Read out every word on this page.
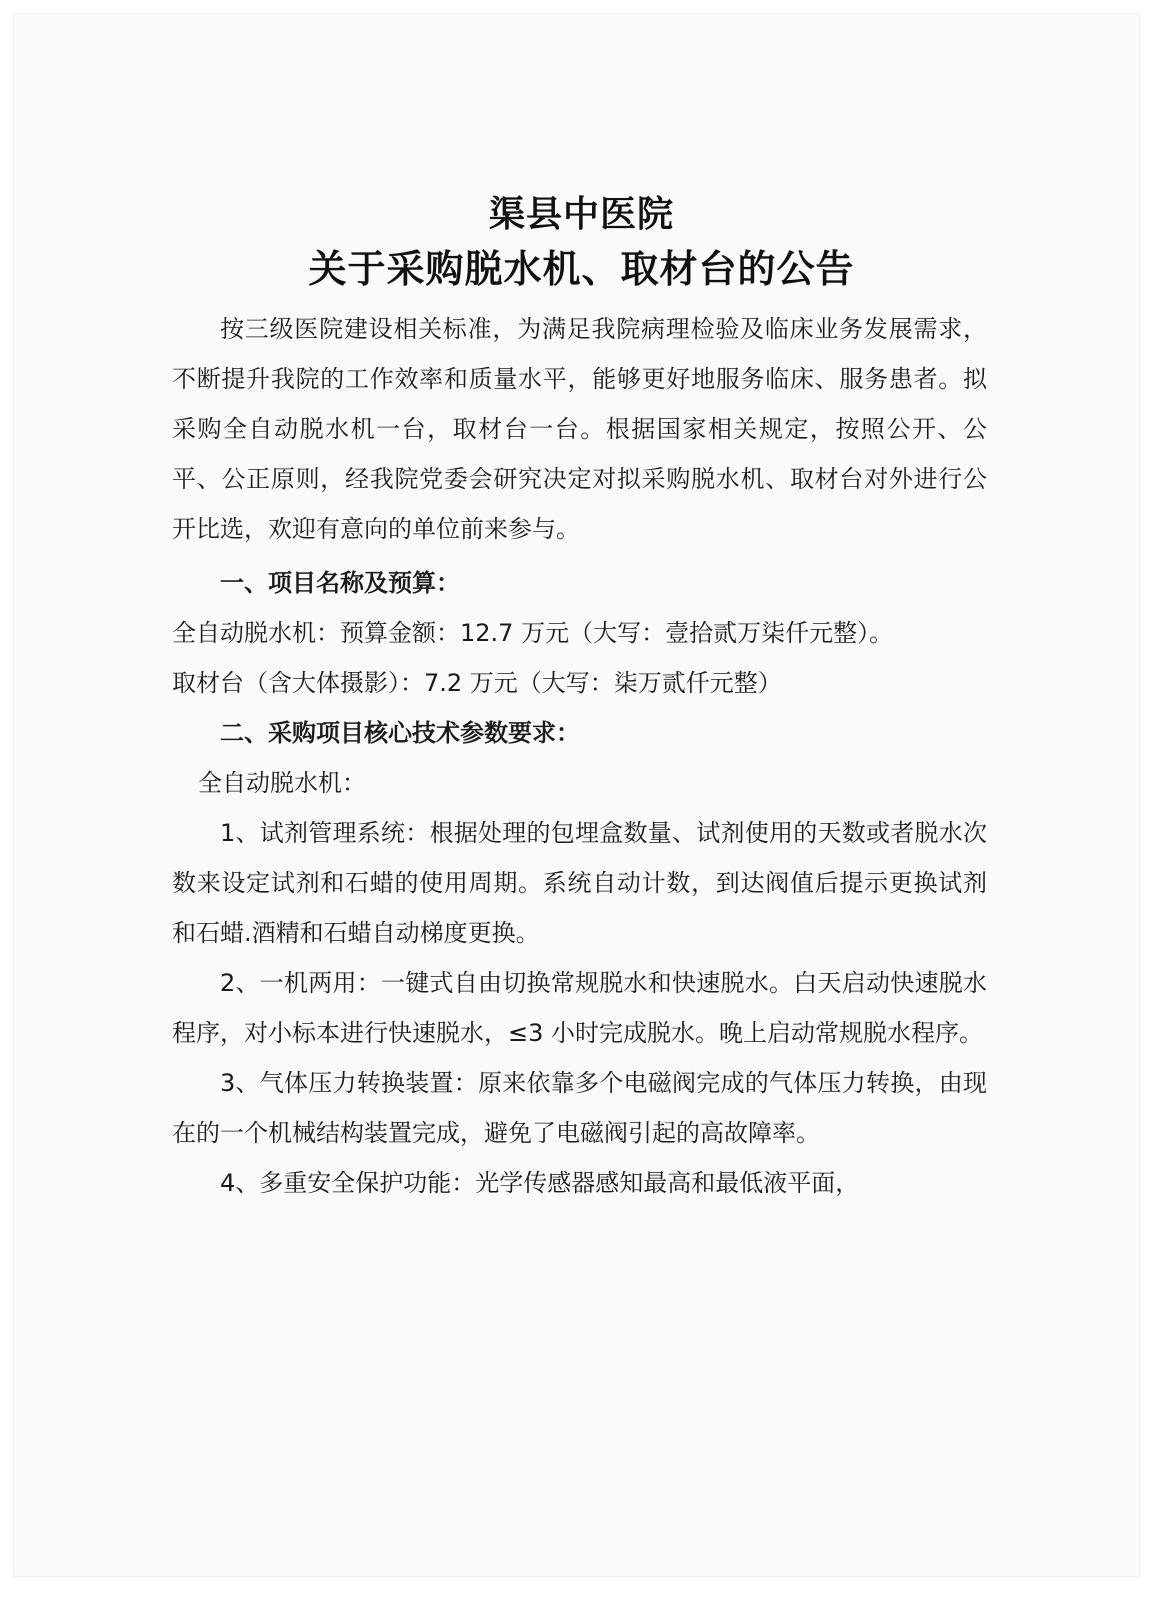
渠县中医院
关于采购脱水机、取材台的公告

按三级医院建设相关标准，为满足我院病理检验及临床业务发展需求，不断提升我院的工作效率和质量水平，能够更好地服务临床、服务患者。拟采购全自动脱水机一台，取材台一台。根据国家相关规定，按照公开、公平、公正原则，经我院党委会研究决定对拟采购脱水机、取材台对外进行公开比选，欢迎有意向的单位前来参与。

一、项目名称及预算：

全自动脱水机：预算金额：12.7 万元（大写：壹拾贰万柒仟元整）。

取材台（含大体摄影）：7.2 万元（大写：柒万贰仟元整）

二、采购项目核心技术参数要求：

全自动脱水机：

1、试剂管理系统：根据处理的包埋盒数量、试剂使用的天数或者脱水次数来设定试剂和石蜡的使用周期。系统自动计数，到达阀值后提示更换试剂和石蜡.酒精和石蜡自动梯度更换。

2、一机两用：一键式自由切换常规脱水和快速脱水。白天启动快速脱水程序，对小标本进行快速脱水，≤3 小时完成脱水。晚上启动常规脱水程序。

3、气体压力转换装置：原来依靠多个电磁阀完成的气体压力转换，由现在的一个机械结构装置完成，避免了电磁阀引起的高故障率。

4、多重安全保护功能：光学传感器感知最高和最低液平面，
